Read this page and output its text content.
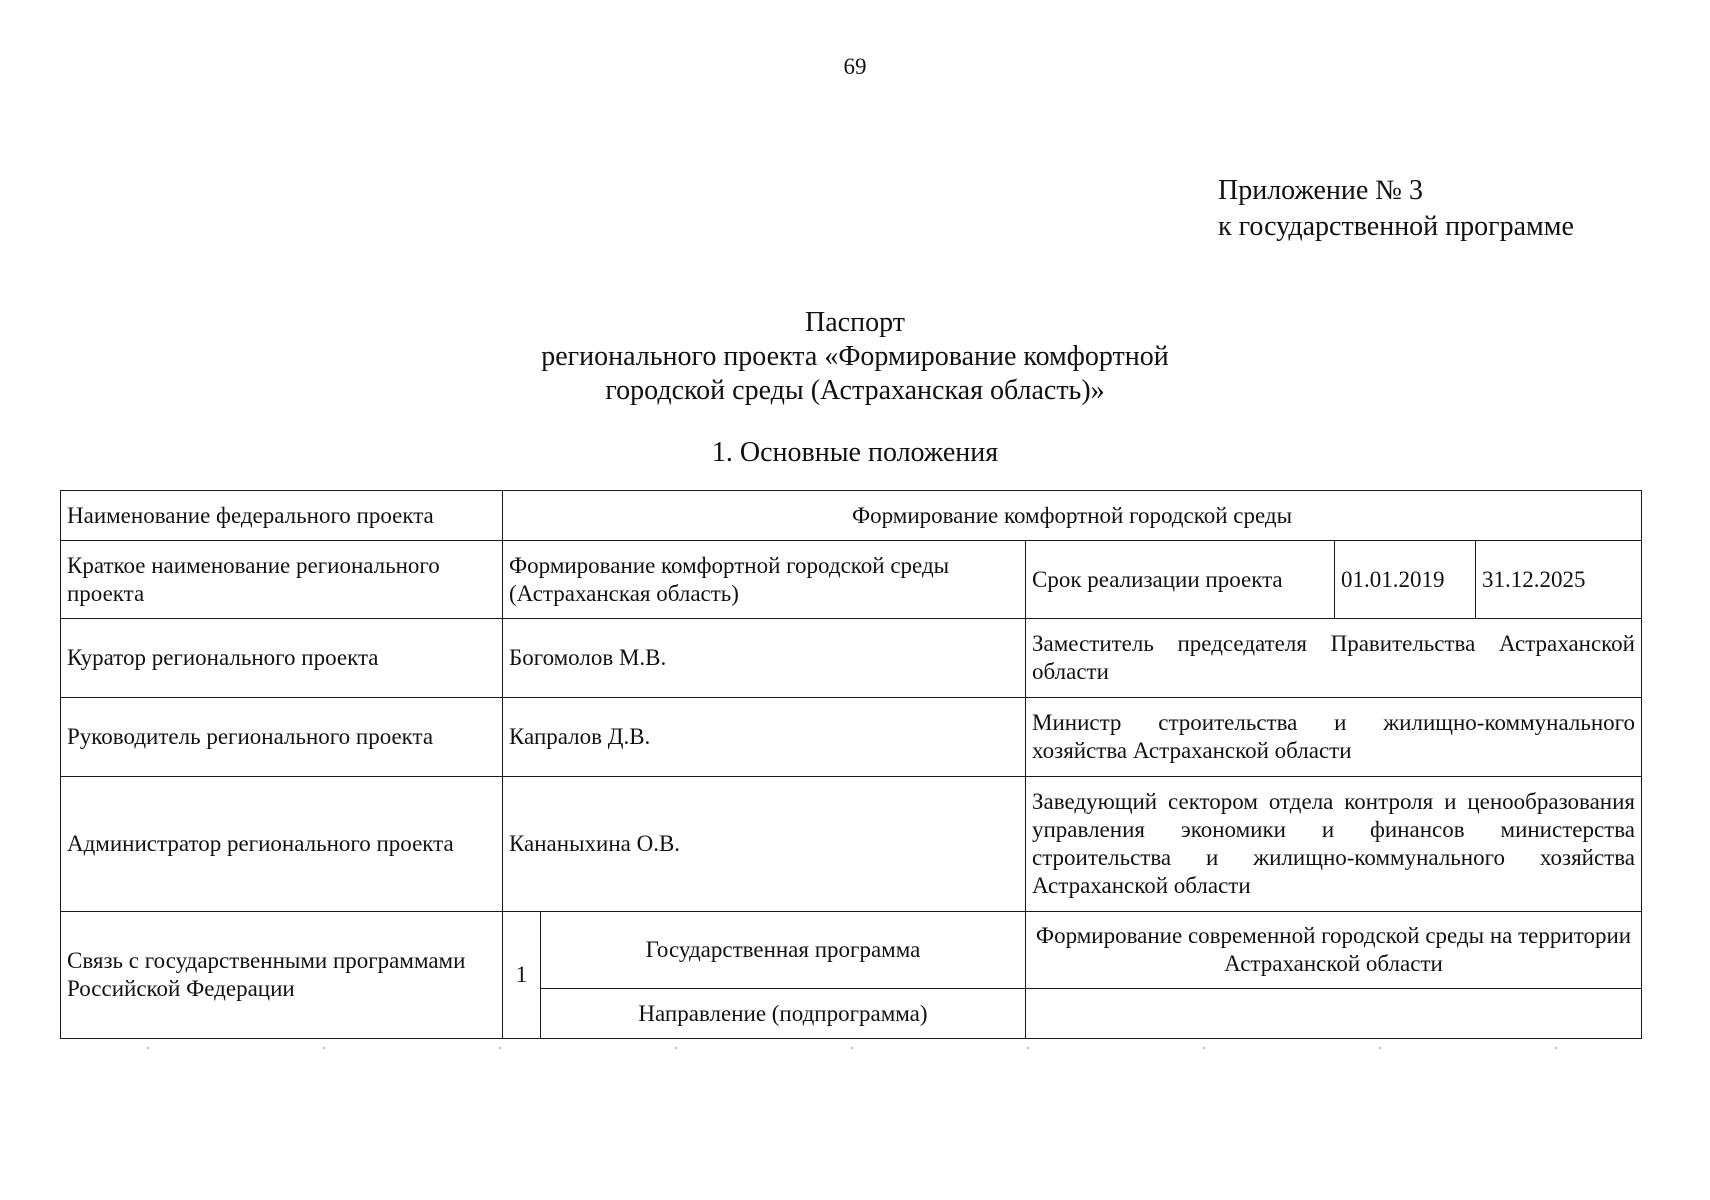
69
Приложение № 3
к государственной программе
Паспорт
регионального проекта «Формирование комфортной
городской среды (Астраханская область)»
1. Основные положения
Наименование федерального проекта	Формирование комфортной городской среды				
Краткое наименование регионального проекта	Формирование комфортной городской среды (Астраханская область)		Срок реализации проекта	01.01.2019	31.12.2025
Куратор регионального проекта	Богомолов М.В.		Заместитель председателя Правительства Астраханской области		
Руководитель регионального проекта	Капралов Д.В.		Министр строительства и жилищно-коммунального хозяйства Астраханской области		
Администратор регионального проекта	Кананыхина О.В.		Заведующий сектором отдела контроля и ценообразования управления экономики и финансов министерства строительства и жилищно-коммунального хозяйства Астраханской области		
Связь с государственными программами Российской Федерации	1	Государственная программа	Формирование современной городской среды на территории Астраханской области		
		Направление (подпрограмма)			
